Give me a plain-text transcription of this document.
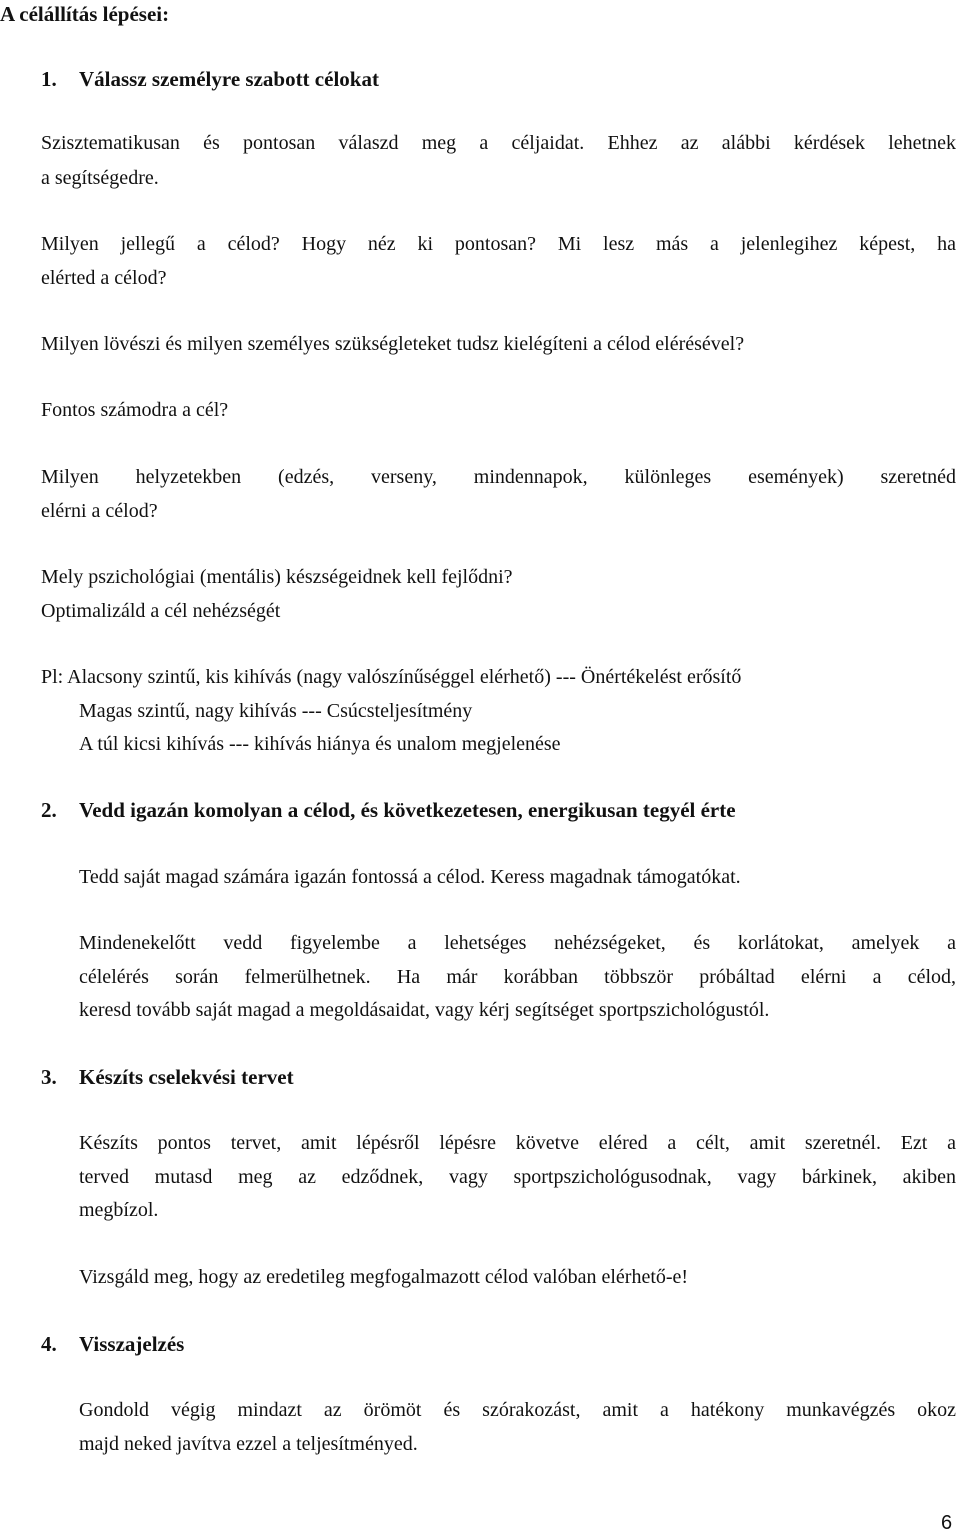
A célállítás lépései:
1. Válassz személyre szabott célokat
Szisztematikusan és pontosan válaszd meg a céljaidat. Ehhez az alábbi kérdések lehetnek
a segítségedre.
Milyen jellegű a célod? Hogy néz ki pontosan? Mi lesz más a jelenlegihez képest, ha
elérted a célod?
Milyen lövészi és milyen személyes szükségleteket tudsz kielégíteni a célod elérésével?
Fontos számodra a cél?
Milyen helyzetekben (edzés, verseny, mindennapok, különleges események) szeretnéd
elérni a célod?
Mely pszichológiai (mentális) készségeidnek kell fejlődni?
Optimalizáld a cél nehézségét
Pl: Alacsony szintű, kis kihívás (nagy valószínűséggel elérhető) --- Önértékelést erősítő
Magas szintű, nagy kihívás --- Csúcsteljesítmény
A túl kicsi kihívás --- kihívás hiánya és unalom megjelenése
2. Vedd igazán komolyan a célod, és következetesen, energikusan tegyél érte
Tedd saját magad számára igazán fontossá a célod. Keress magadnak támogatókat.
Mindenekelőtt vedd figyelembe a lehetséges nehézségeket, és korlátokat, amelyek a
célelérés során felmerülhetnek. Ha már korábban többször próbáltad elérni a célod,
keresd tovább saját magad a megoldásaidat, vagy kérj segítséget sportpszichológustól.
3. Készíts cselekvési tervet
Készíts pontos tervet, amit lépésről lépésre követve eléred a célt, amit szeretnél. Ezt a
terved mutasd meg az edződnek, vagy sportpszichológusodnak, vagy bárkinek, akiben
megbízol.
Vizsgáld meg, hogy az eredetileg megfogalmazott célod valóban elérhető-e!
4. Visszajelzés
Gondold végig mindazt az örömöt és szórakozást, amit a hatékony munkavégzés okoz
majd neked javítva ezzel a teljesítményed.
6
